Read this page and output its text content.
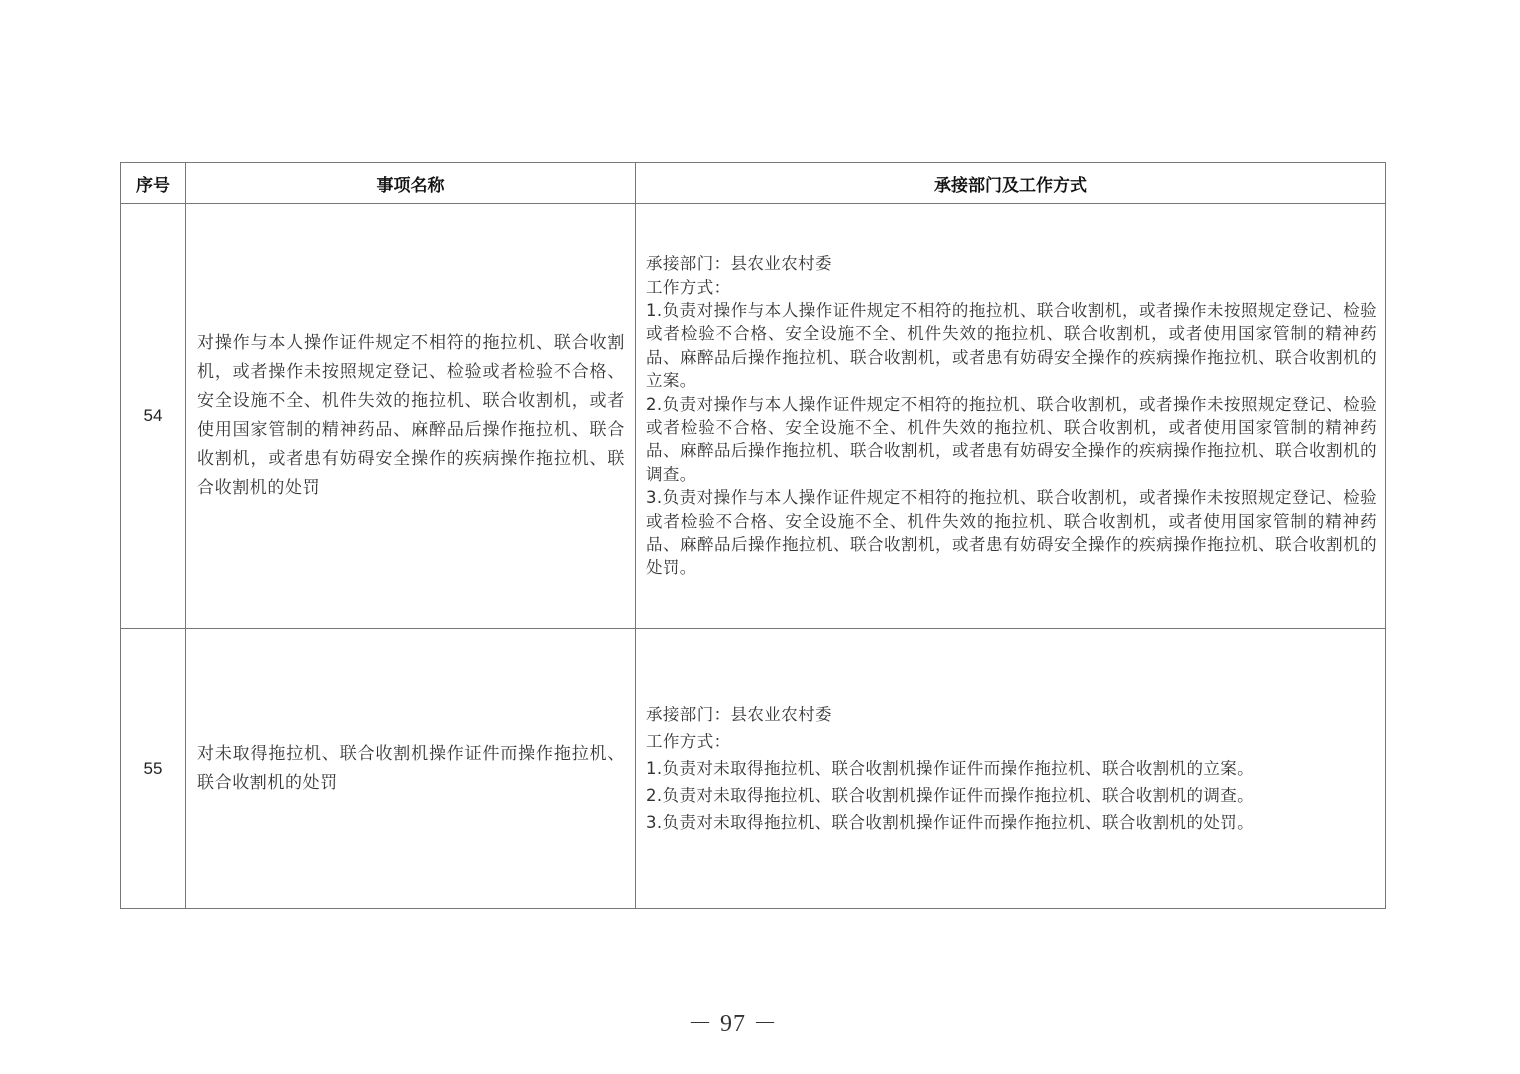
序号	事项名称	承接部门及工作方式
54	对操作与本人操作证件规定不相符的拖拉机、联合收割机，或者操作未按照规定登记、检验或者检验不合格、安全设施不全、机件失效的拖拉机、联合收割机，或者使用国家管制的精神药品、麻醉品后操作拖拉机、联合收割机，或者患有妨碍安全操作的疾病操作拖拉机、联合收割机的处罚	承接部门：县农业农村委
工作方式：
1.负责对操作与本人操作证件规定不相符的拖拉机、联合收割机，或者操作未按照规定登记、检验或者检验不合格、安全设施不全、机件失效的拖拉机、联合收割机，或者使用国家管制的精神药品、麻醉品后操作拖拉机、联合收割机，或者患有妨碍安全操作的疾病操作拖拉机、联合收割机的立案。
2.负责对操作与本人操作证件规定不相符的拖拉机、联合收割机，或者操作未按照规定登记、检验或者检验不合格、安全设施不全、机件失效的拖拉机、联合收割机，或者使用国家管制的精神药品、麻醉品后操作拖拉机、联合收割机，或者患有妨碍安全操作的疾病操作拖拉机、联合收割机的调查。
3.负责对操作与本人操作证件规定不相符的拖拉机、联合收割机，或者操作未按照规定登记、检验或者检验不合格、安全设施不全、机件失效的拖拉机、联合收割机，或者使用国家管制的精神药品、麻醉品后操作拖拉机、联合收割机，或者患有妨碍安全操作的疾病操作拖拉机、联合收割机的处罚。

55	对未取得拖拉机、联合收割机操作证件而操作拖拉机、联合收割机的处罚	承接部门：县农业农村委
工作方式：
1.负责对未取得拖拉机、联合收割机操作证件而操作拖拉机、联合收割机的立案。
2.负责对未取得拖拉机、联合收割机操作证件而操作拖拉机、联合收割机的调查。
3.负责对未取得拖拉机、联合收割机操作证件而操作拖拉机、联合收割机的处罚。
－ 97 －
